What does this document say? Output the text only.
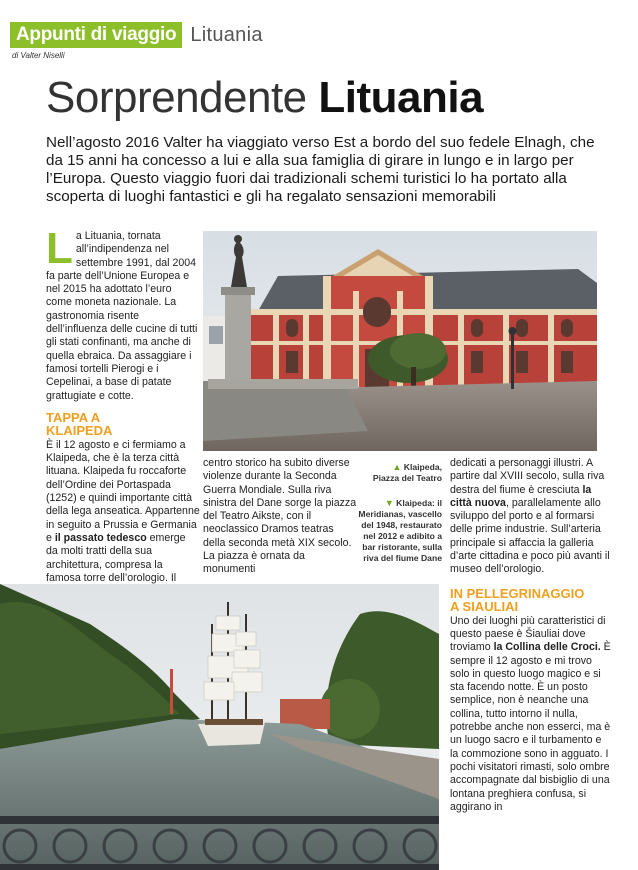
Appunti di viaggio Lituania
di Valter Niselli
Sorprendente Lituania
Nell’agosto 2016 Valter ha viaggiato verso Est a bordo del suo fedele Elnagh, che da 15 anni ha concesso a lui e alla sua famiglia di girare in lungo e in largo per l’Europa. Questo viaggio fuori dai tradizionali schemi turistici lo ha portato alla scoperta di luoghi fantastici e gli ha regalato sensazioni memorabili

La Lituania, tornata all’indipendenza nel settembre 1991, dal 2004 fa parte dell’Unione Europea e nel 2015 ha adottato l’euro come moneta nazionale. La gastronomia risente dell’influenza delle cucine di tutti gli stati confinanti, ma anche di quella ebraica. Da assaggiare i famosi tortelli Pierogi e i Cepelinai, a base di patate grattugiate e cotte.

TAPPA A
KLAIPEDA

È il 12 agosto e ci fermiamo a Klaipeda, che è la terza città lituana. Klaipeda fu roccaforte dell’Ordine dei Portaspada (1252) e quindi importante città della lega anseatica. Appartenne in seguito a Prussia e Germania e il passato tedesco emerge da molti tratti della sua architettura, compresa la famosa torre dell’orologio. Il

centro storico ha subito diverse violenze durante la Seconda Guerra Mondiale. Sulla riva sinistra del Dane sorge la piazza del Teatro Aikste, con il neoclassico Dramos teatras della seconda metà XIX secolo. La piazza è ornata da monumenti

▲ Klaipeda,
Piazza del Teatro
▼ Klaipeda: il
Meridianas, vascello
del 1948, restaurato
nel 2012 e adibito a
bar ristorante, sulla
riva del fiume Dane

dedicati a personaggi illustri. A partire dal XVIII secolo, sulla riva destra del fiume è cresciuta la città nuova, parallelamente allo sviluppo del porto e al formarsi delle prime industrie. Sull’arteria principale si affaccia la galleria d’arte cittadina e poco più avanti il museo dell’orologio.

IN PELLEGRINAGGIO
A SIAULIAI

Uno dei luoghi più caratteristici di questo paese è Šiauliai dove troviamo la Collina delle Croci. È sempre il 12 agosto e mi trovo solo in questo luogo magico e si sta facendo notte. È un posto semplice, non è neanche una collina, tutto intorno il nulla, potrebbe anche non esserci, ma è un luogo sacro e il turbamento e la commozione sono in agguato. I pochi visitatori rimasti, solo ombre accompagnate dal bisbiglio di una lontana preghiera confusa, si aggirano in
